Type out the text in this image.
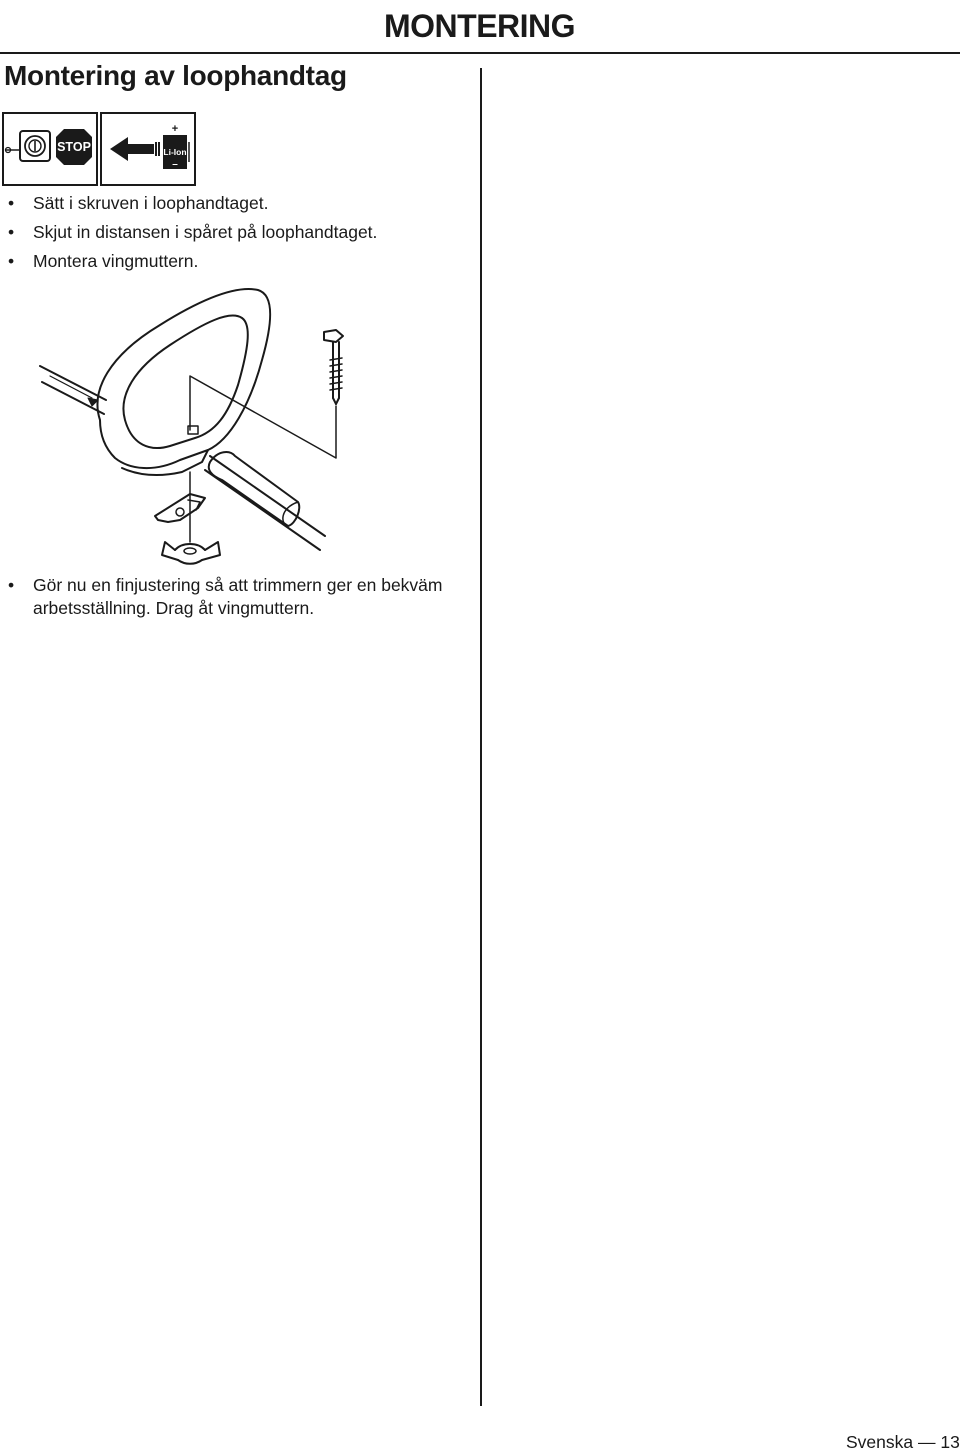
MONTERING
Montering av loophandtag
STOP
+
Li-Ion
–
• Sätt i skruven i loophandtaget.
• Skjut in distansen i spåret på loophandtaget.
• Montera vingmuttern.
• Gör nu en finjustering så att trimmern ger en bekväm arbetsställning. Drag åt vingmuttern.
Svenska — 13
